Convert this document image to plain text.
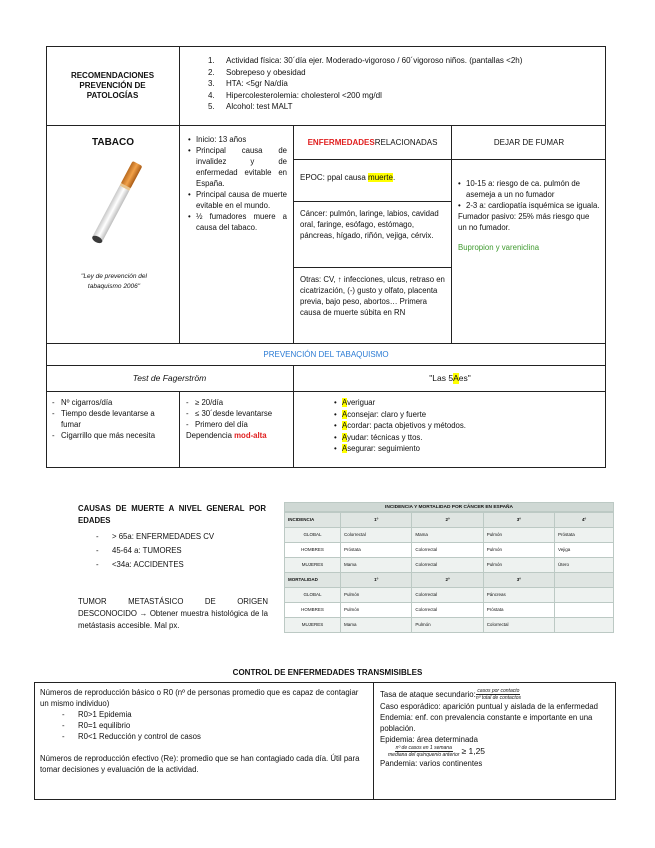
RECOMENDACIONES PREVENCIÓN DE PATOLOGÍAS
1.	Actividad física: 30´día ejer. Moderado-vigoroso / 60´vigoroso niños. (pantallas <2h)
2.	Sobrepeso y obesidad
3.	HTA: <5gr Na/día
4.	Hipercolesterolemia: cholesterol <200 mg/dl
5.	Alcohol: test MALT
TABACO
"Ley de prevención del tabaquismo 2006"
• Inicio: 13 años
• Principal causa de invalidez y de enfermedad evitable en España.
• Principal causa de muerte evitable en el mundo.
• ½ fumadores muere a causa del tabaco.
ENFERMEDADES RELACIONADAS
EPOC: ppal causa muerte.
Cáncer: pulmón, laringe, labios, cavidad oral, faringe, esófago, estómago, páncreas, hígado, riñón, vejiga, cérvix.
Otras: CV, ↑ infecciones, ulcus, retraso en cicatrización, (-) gusto y olfato, placenta previa, bajo peso, abortos… Primera causa de muerte súbita en RN
DEJAR DE FUMAR
• 10-15 a: riesgo de ca. pulmón de asemeja a un no fumador
• 2-3 a: cardiopatía isquémica se iguala.
Fumador pasivo: 25% más riesgo que un no fumador.
Bupropion y vareniclina
PREVENCIÓN DEL TABAQUISMO
Test de Fagerström	"Las 5 A es"
- Nº cigarros/día
- Tiempo desde levantarse a fumar
- Cigarrillo que más necesita
- ≥ 20/día
- ≤ 30´desde levantarse
- Primero del día
Dependencia mod-alta
• Averiguar
• Aconsejar: claro y fuerte
• Acordar: pacta objetivos y métodos.
• Ayudar: técnicas y ttos.
• Asegurar: seguimiento
CAUSAS DE MUERTE A NIVEL GENERAL POR EDADES
- > 65a: ENFERMEDADES CV
- 45-64 a: TUMORES
- <34a: ACCIDENTES
TUMOR METASTÁSICO DE ORIGEN DESCONOCIDO → Obtener muestra histológica de la metástasis accesible. Mal px.
INCIDENCIA Y MORTALIDAD POR CÁNCER EN ESPAÑA
INCIDENCIA	1º	2º	3º	4º
GLOBAL	Colorrectal	Mama	Pulmón	Próstata
HOMBRES	Próstata	Colorrectal	Pulmón	Vejiga
MUJERES	Mama	Colorrectal	Pulmón	Útero
MORTALIDAD	1º	2º	3º	
GLOBAL	Pulmón	Colorrectal	Páncreas	
HOMBRES	Pulmón	Colorrectal	Próstata	
MUJERES	Mama	Pulmón	Colorrectal	
CONTROL DE ENFERMEDADES TRANSMISIBLES
Números de reproducción básico o R0 (nº de personas promedio que es capaz de contagiar un mismo individuo)
- R0>1 Epidemia
- R0=1 equilibrio
- R0<1 Reducción y control de casos
Números de reproducción efectivo (Re): promedio que se han contagiado cada día. Útil para tomar decisiones y evaluación de la actividad.
Tasa de ataque secundario: casos por contacto
nº total de contactos
Caso esporádico: aparición puntual y aislada de la enfermedad
Endemia: enf. con prevalencia constante e importante en una población.
Epidemia: área determinada
nº de casos en 1 semana
mediana del quinquenio anterior ≥ 1,25
Pandemia: varios continentes
